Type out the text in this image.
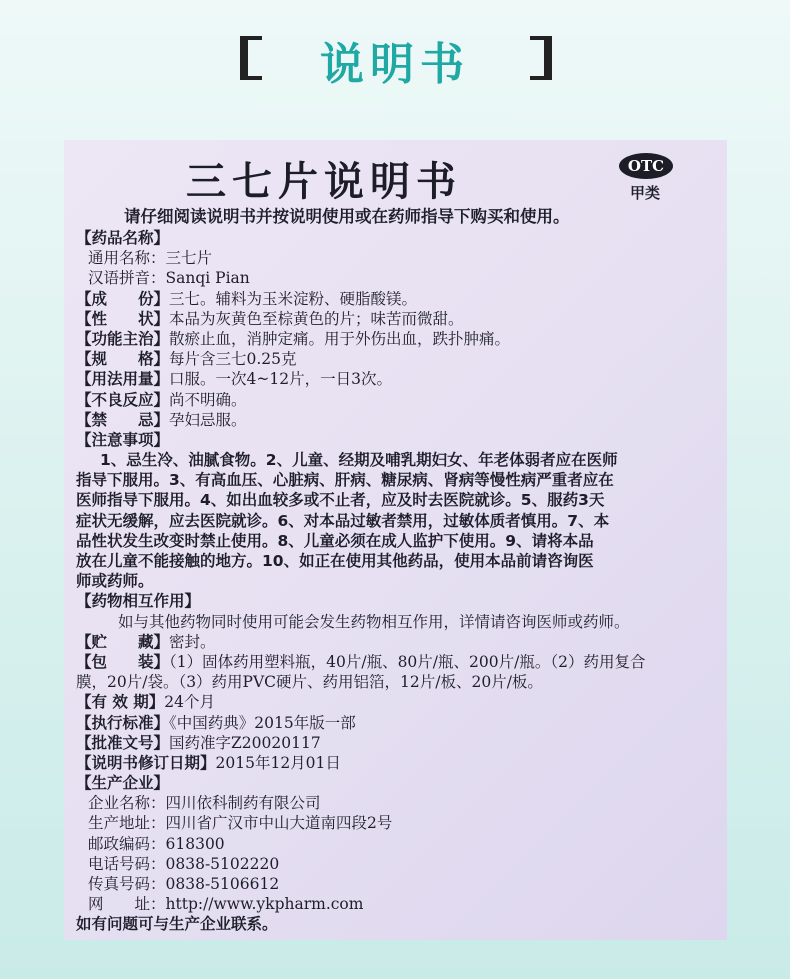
说明书
三七片说明书	OTC
甲类
请仔细阅读说明书并按说明使用或在药师指导下购买和使用。
【药品名称】
通用名称：三七片
汉语拼音：Sanqi Pian
【成　　份】三七。辅料为玉米淀粉、硬脂酸镁。
【性　　状】本品为灰黄色至棕黄色的片；味苦而微甜。
【功能主治】散瘀止血，消肿定痛。用于外伤出血，跌扑肿痛。
【规　　格】每片含三七0.25克
【用法用量】口服。一次4~12片，一日3次。
【不良反应】尚不明确。
【禁　　忌】孕妇忌服。
【注意事项】
1、忌生冷、油腻食物。2、儿童、经期及哺乳期妇女、年老体弱者应在医师
指导下服用。3、有高血压、心脏病、肝病、糖尿病、肾病等慢性病严重者应在
医师指导下服用。4、如出血较多或不止者，应及时去医院就诊。5、服药3天
症状无缓解，应去医院就诊。6、对本品过敏者禁用，过敏体质者慎用。7、本
品性状发生改变时禁止使用。8、儿童必须在成人监护下使用。9、请将本品
放在儿童不能接触的地方。10、如正在使用其他药品，使用本品前请咨询医
师或药师。
【药物相互作用】
如与其他药物同时使用可能会发生药物相互作用，详情请咨询医师或药师。
【贮　　藏】密封。
【包　　装】（1）固体药用塑料瓶，40片/瓶、80片/瓶、200片/瓶。（2）药用复合
膜，20片/袋。（3）药用PVC硬片、药用铝箔，12片/板、20片/板。
【有 效 期】24个月
【执行标准】《中国药典》2015年版一部
【批准文号】国药准字Z20020117
【说明书修订日期】2015年12月01日
【生产企业】
企业名称：四川依科制药有限公司
生产地址：四川省广汉市中山大道南四段2号
邮政编码：618300
电话号码：0838-5102220
传真号码：0838-5106612
网　　址：http://www.ykpharm.com
如有问题可与生产企业联系。
